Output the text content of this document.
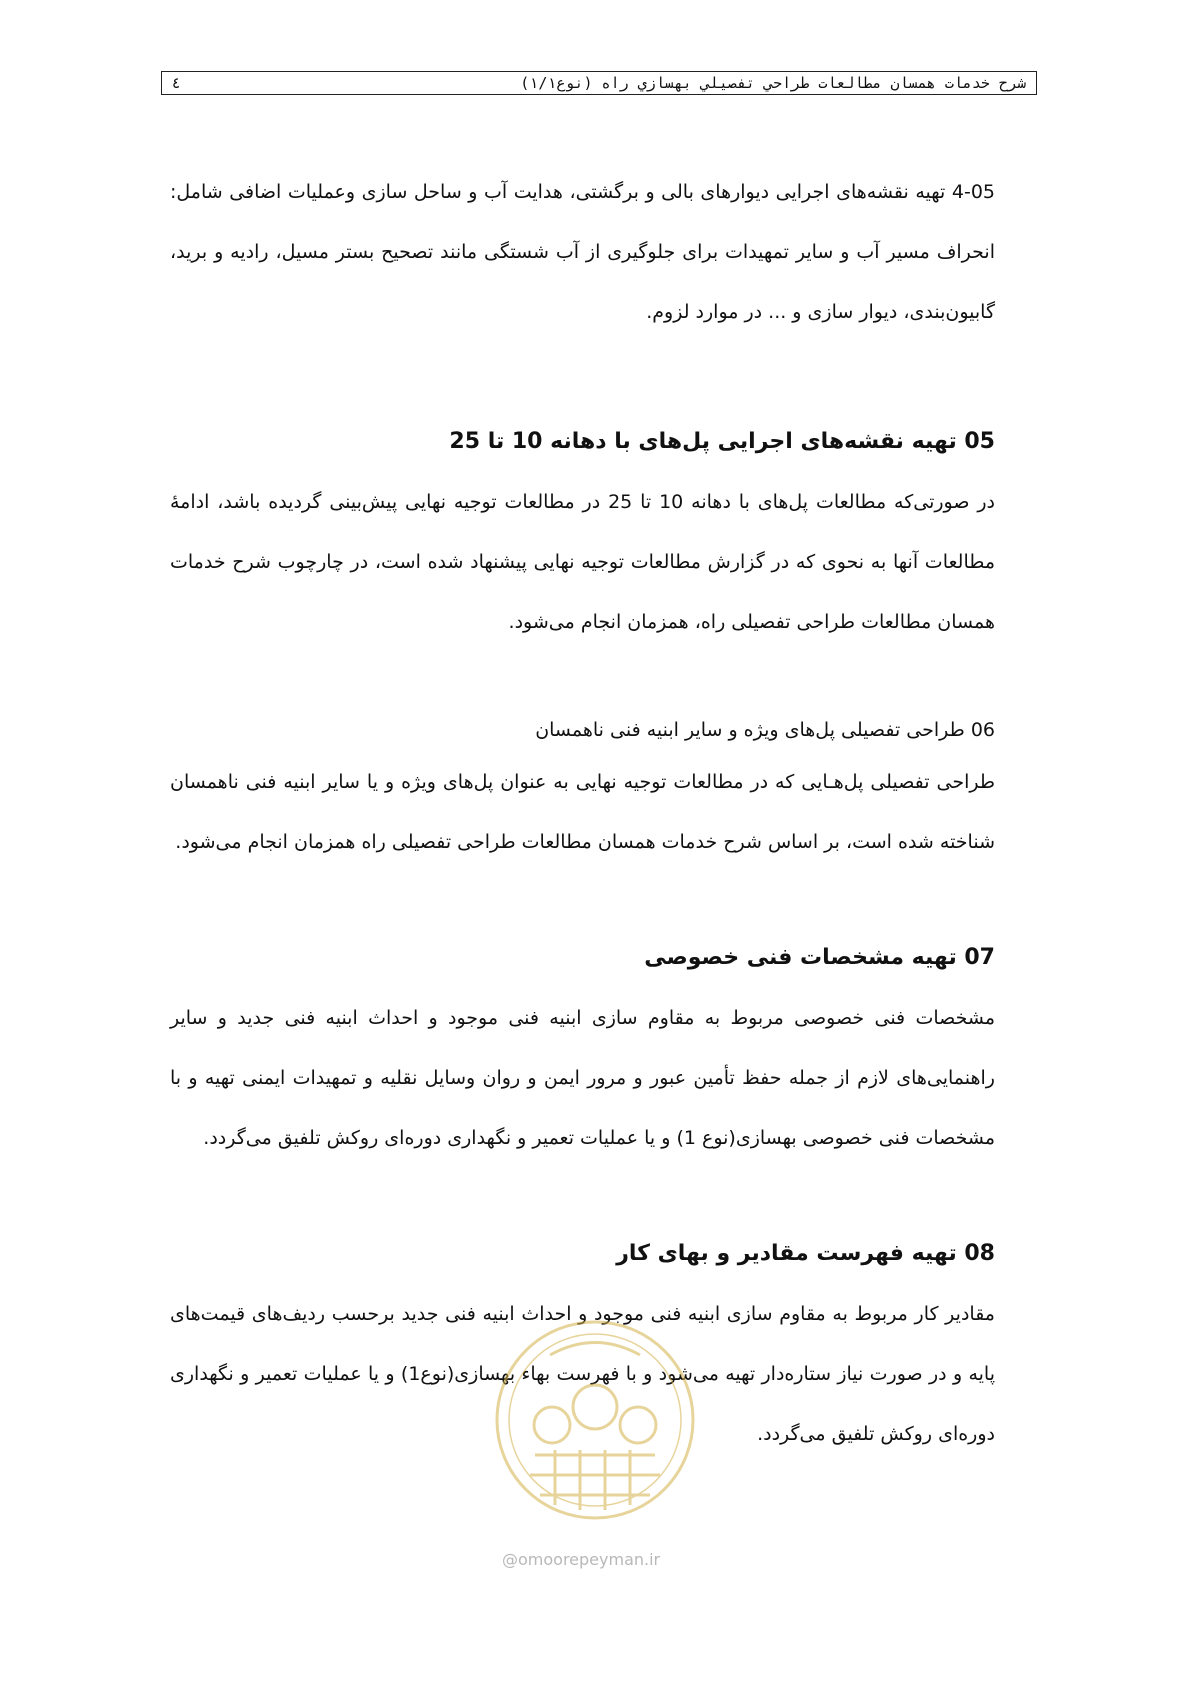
٤	شرح خدمات همسان مطالعات طراحي تفصيلي بهسازي راه (نوع۱/۱)

4-05 تهیه نقشه‌های اجرایی دیوارهای بالی و برگشتی، هدایت آب و ساحل سازی وعملیات اضافی شامل: انحراف مسیر آب و سایر تمهیدات برای جلوگیری از آب شستگی مانند تصحیح بستر مسیل، رادیه و برید، گابیون‌بندی، دیوار سازی و ... در موارد لزوم.

05 تهیه نقشه‌های اجرایی پل‌های با دهانه 10 تا 25

در صورتی‌که مطالعات پل‌های با دهانه 10 تا 25 در مطالعات توجیه نهایی پیش‌بینی گردیده باشد، ادامهٔ مطالعات آنها به نحوی که در گزارش مطالعات توجیه نهایی پیشنهاد شده است، در چارچوب شرح خدمات همسان مطالعات طراحی تفصیلی راه، همزمان انجام می‌شود.

06 طراحی تفصیلی پل‌های ویژه و سایر ابنیه فنی ناهمسان

طراحی تفصیلی پل‌هـایی که در مطالعات توجیه نهایی به عنوان پل‌های ویژه و یا سایر ابنیه فنی ناهمسان شناخته شده است، بر اساس شرح خدمات همسان مطالعات طراحی تفصیلی راه همزمان انجام می‌شود.

07 تهیه مشخصات فنی خصوصی

مشخصات فنی خصوصی مربوط به مقاوم سازی ابنیه فنی موجود و احداث ابنیه فنی جدید و سایر راهنمایی‌های لازم از جمله حفظ تأمین عبور و مرور ایمن و روان وسایل نقلیه و تمهیدات ایمنی تهیه و با مشخصات فنی خصوصی بهسازی(نوع 1) و یا عملیات تعمیر و نگهداری دوره‌ای روکش تلفیق می‌گردد.

08 تهیه فهرست مقادیر و بهای کار

مقادیر کار مربوط به مقاوم سازی ابنیه فنی موجود و احداث ابنیه فنی جدید برحسب ردیف‌های قیمت‌های پایه و در صورت نیاز ستاره‌دار تهیه می‌شود و با فهرست بهاء بهسازی(نوع1) و یا عملیات تعمیر و نگهداری دوره‌ای روکش تلفیق می‌گردد.

@omoorepeyman.ir
